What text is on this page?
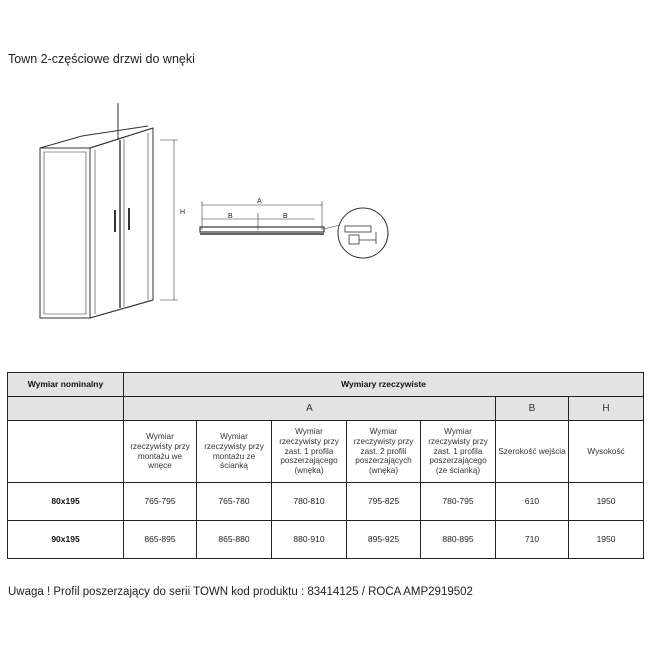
Town 2-częściowe drzwi do wnęki
H
A
B	B
Wymiar nominalny	Wymiary rzeczywiste						
	A					B	H
	Wymiar rzeczywisty przy montażu we wnęce	Wymiar rzeczywisty przy montażu ze ścianką	Wymiar rzeczywisty przy zast. 1 profila poszerzającego (wnęka)	Wymiar rzeczywisty przy zast. 2 profili poszerzających (wnęka)	Wymiar rzeczywisty przy zast. 1 profila poszerzającego (ze ścianką)	Szerokość wejścia	Wysokość
80x195	765-795	765-780	780-810	795-825	780-795	610	1950
90x195	865-895	865-880	880-910	895-925	880-895	710	1950
Uwaga ! Profil poszerzający do serii TOWN kod produktu : 83414125 / ROCA AMP2919502
